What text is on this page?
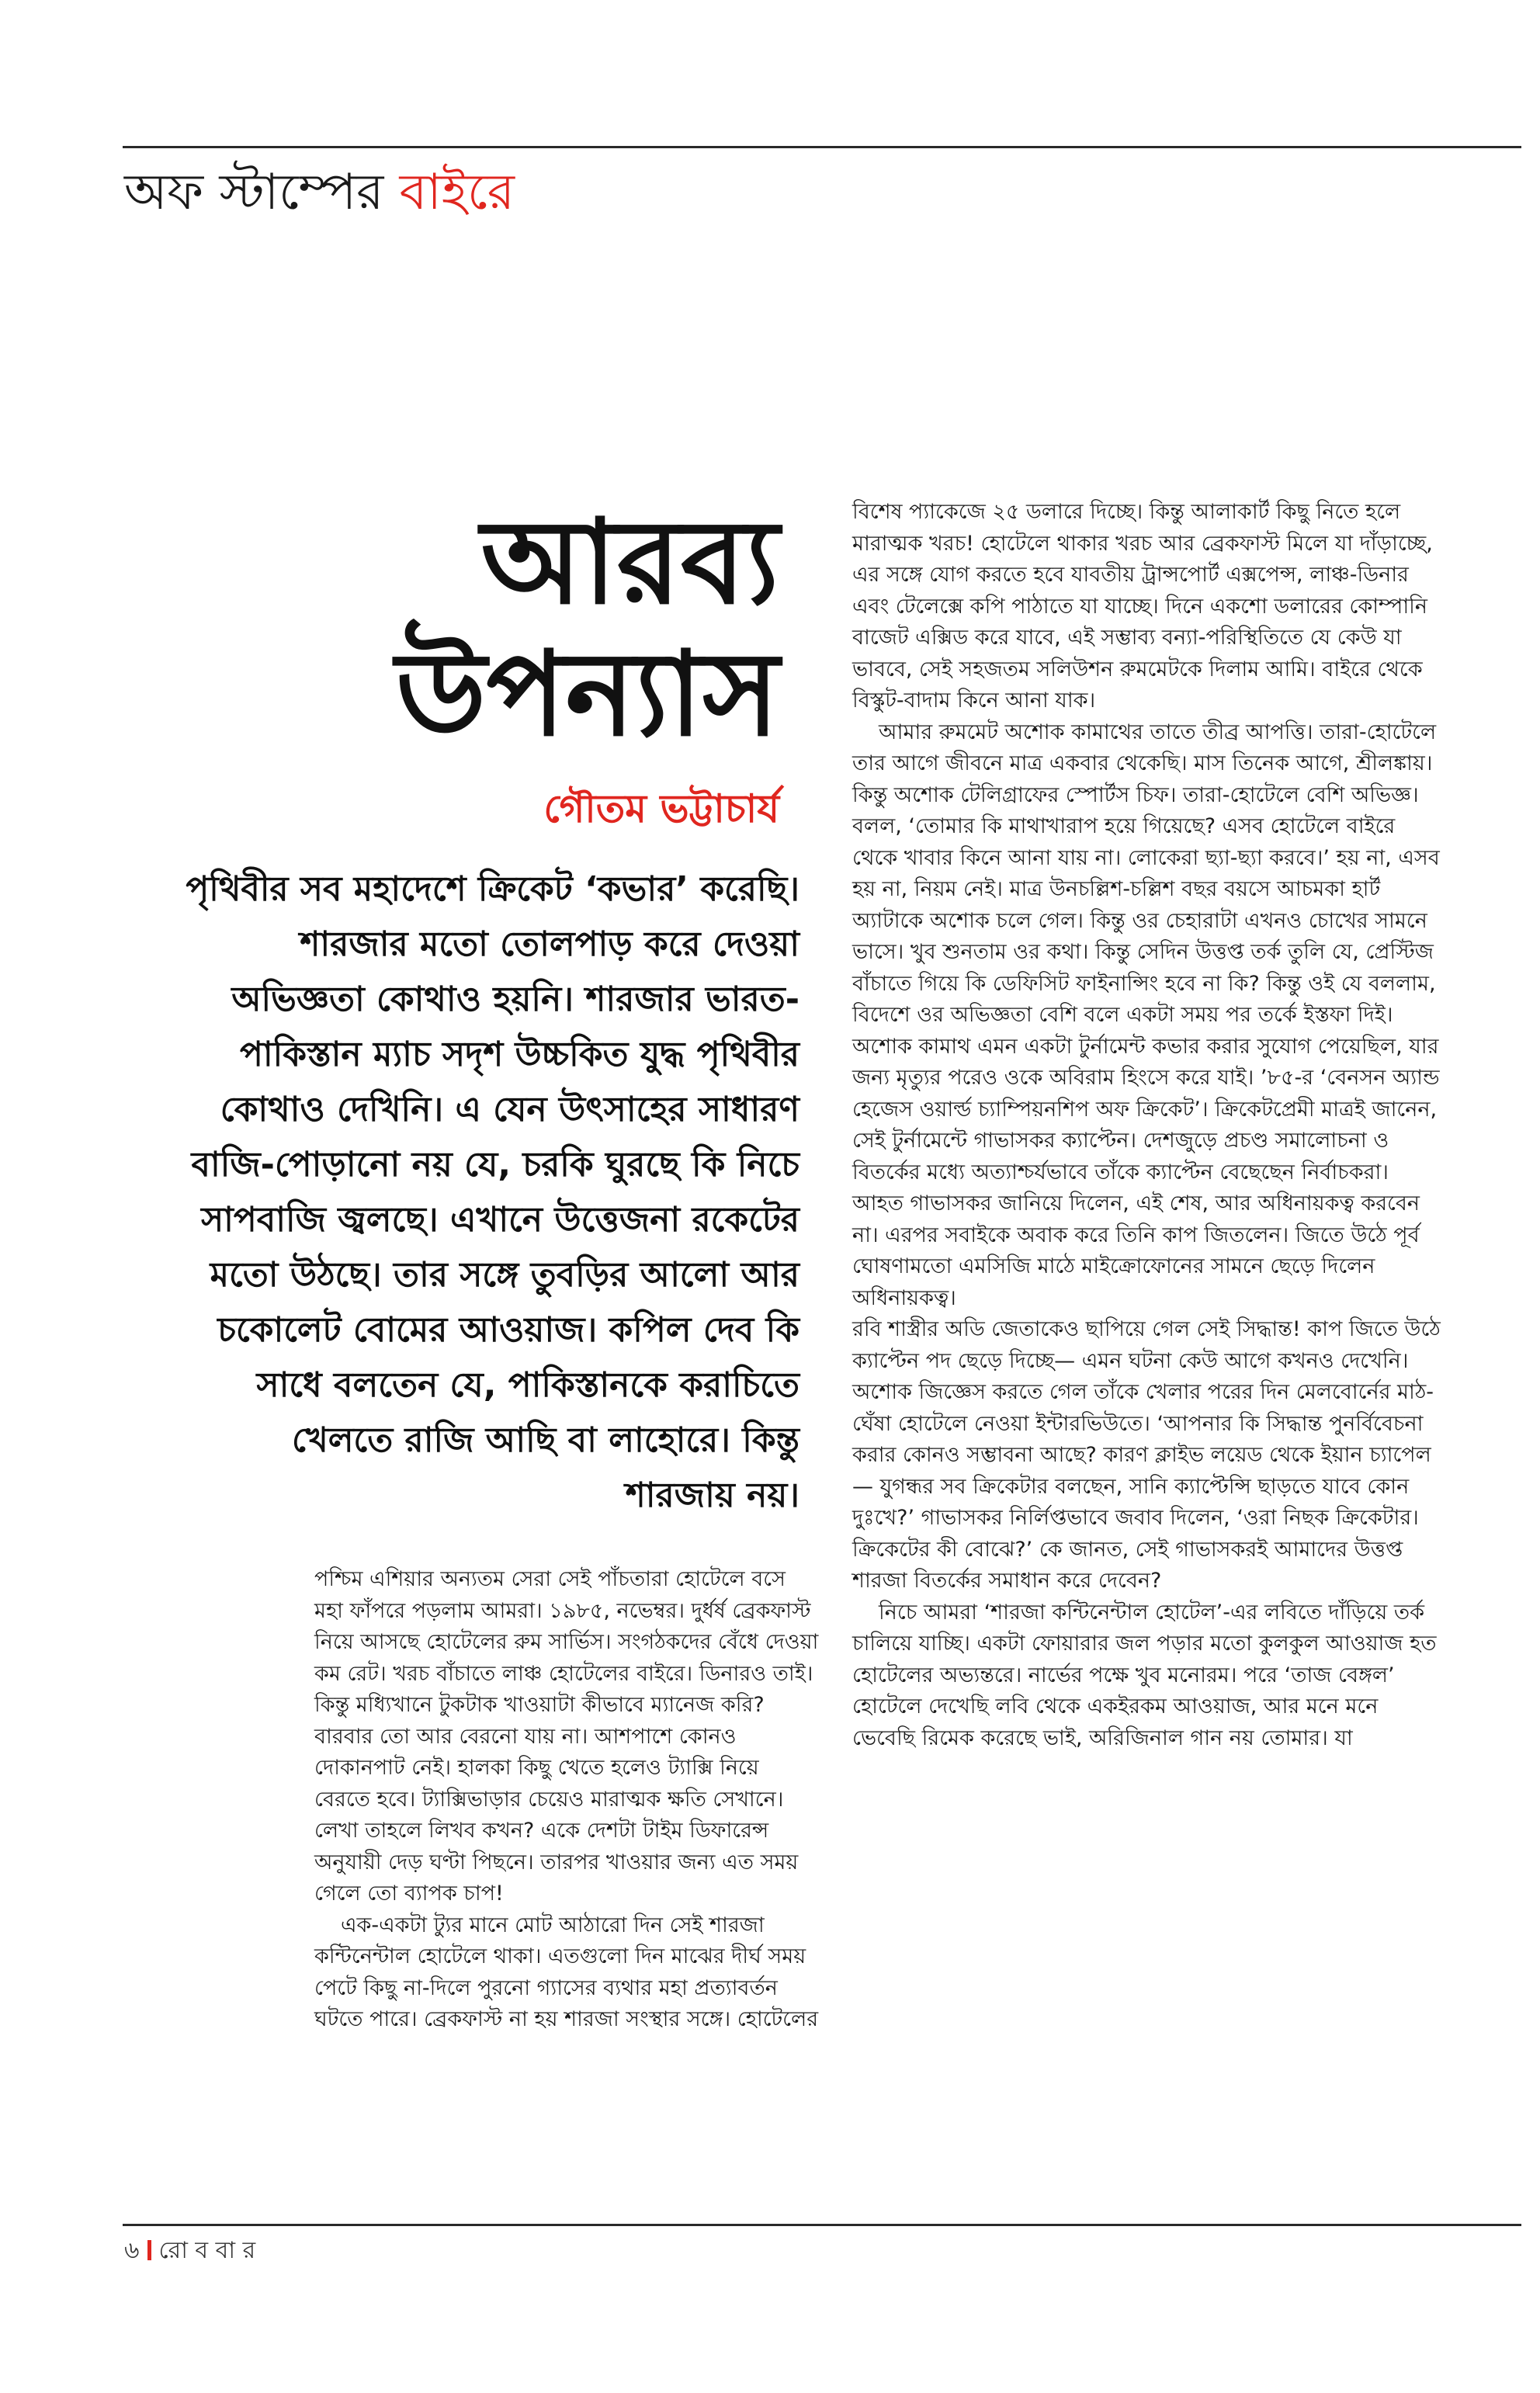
অফ স্টাম্পের বাইরে
আরব্য
উপন্যাস
গৌতম ভট্টাচার্য
পৃথিবীর সব মহাদেশে ক্রিকেট ‘কভার’ করেছি। শারজার মতো তোলপাড় করে দেওয়া অভিজ্ঞতা কোথাও হয়নি। শারজার ভারত-পাকিস্তান ম্যাচ সদৃশ উচ্চকিত যুদ্ধ পৃথিবীর কোথাও দেখিনি। এ যেন উৎসাহের সাধারণ বাজি-পোড়ানো নয় যে, চরকি ঘুরছে কি নিচে সাপবাজি জ্বলছে। এখানে উত্তেজনা রকেটের মতো উঠছে। তার সঙ্গে তুবড়ির আলো আর চকোলেট বোমের আওয়াজ। কপিল দেব কি সাধে বলতেন যে, পাকিস্তানকে করাচিতে খেলতে রাজি আছি বা লাহোরে। কিন্তু শারজায় নয়।

পশ্চিম এশিয়ার অন্যতম সেরা সেই পাঁচতারা হোটেলে বসে মহা ফাঁপরে পড়লাম আমরা। ১৯৮৫, নভেম্বর। দুর্ধর্ষ ব্রেকফাস্ট নিয়ে আসছে হোটেলের রুম সার্ভিস। সংগঠকদের বেঁধে দেওয়া কম রেট। খরচ বাঁচাতে লাঞ্চ হোটেলের বাইরে। ডিনারও তাই। কিন্তু মধ্যিখানে টুকটাক খাওয়াটা কীভাবে ম্যানেজ করি? বারবার তো আর বেরনো যায় না। আশপাশে কোনও দোকানপাট নেই। হালকা কিছু খেতে হলেও ট্যাক্সি নিয়ে বেরতে হবে। ট্যাক্সিভাড়ার চেয়েও মারাত্মক ক্ষতি সেখানে। লেখা তাহলে লিখব কখন? একে দেশটা টাইম ডিফারেন্স অনুযায়ী দেড় ঘণ্টা পিছনে। তারপর খাওয়ার জন্য এত সময় গেলে তো ব্যাপক চাপ!

এক-একটা ট্যুর মানে মোট আঠারো দিন সেই শারজা কন্টিনেন্টাল হোটেলে থাকা। এতগুলো দিন মাঝের দীর্ঘ সময় পেটে কিছু না-দিলে পুরনো গ্যাসের ব্যথার মহা প্রত্যাবর্তন ঘটতে পারে। ব্রেকফাস্ট না হয় শারজা সংস্থার সঙ্গে। হোটেলের

বিশেষ প্যাকেজে ২৫ ডলারে দিচ্ছে। কিন্তু আলাকার্ট কিছু নিতে হলে মারাত্মক খরচ! হোটেলে থাকার খরচ আর ব্রেকফাস্ট মিলে যা দাঁড়াচ্ছে, এর সঙ্গে যোগ করতে হবে যাবতীয় ট্রান্সপোর্ট এক্সপেন্স, লাঞ্চ-ডিনার এবং টেলেক্সে কপি পাঠাতে যা যাচ্ছে। দিনে একশো ডলারের কোম্পানি বাজেট এক্সিড করে যাবে, এই সম্ভাব্য বন্যা-পরিস্থিতিতে যে কেউ যা ভাববে, সেই সহজতম সলিউশন রুমমেটকে দিলাম আমি। বাইরে থেকে বিস্কুট-বাদাম কিনে আনা যাক।

আমার রুমমেট অশোক কামাথের তাতে তীব্র আপত্তি। তারা-হোটেলে তার আগে জীবনে মাত্র একবার থেকেছি। মাস তিনেক আগে, শ্রীলঙ্কায়। কিন্তু অশোক টেলিগ্রাফের স্পোর্টস চিফ। তারা-হোটেলে বেশি অভিজ্ঞ। বলল, ‘তোমার কি মাথাখারাপ হয়ে গিয়েছে? এসব হোটেলে বাইরে থেকে খাবার কিনে আনা যায় না। লোকেরা ছ্যা-ছ্যা করবে।’ হয় না, এসব হয় না, নিয়ম নেই। মাত্র উনচল্লিশ-চল্লিশ বছর বয়সে আচমকা হার্ট অ্যাটাকে অশোক চলে গেল। কিন্তু ওর চেহারাটা এখনও চোখের সামনে ভাসে। খুব শুনতাম ওর কথা। কিন্তু সেদিন উত্তপ্ত তর্ক তুলি যে, প্রেস্টিজ বাঁচাতে গিয়ে কি ডেফিসিট ফাইনান্সিং হবে না কি? কিন্তু ওই যে বললাম, বিদেশে ওর অভিজ্ঞতা বেশি বলে একটা সময় পর তর্কে ইস্তফা দিই। অশোক কামাথ এমন একটা টুর্নামেন্ট কভার করার সুযোগ পেয়েছিল, যার জন্য মৃত্যুর পরেও ওকে অবিরাম হিংসে করে যাই। ’৮৫-র ‘বেনসন অ্যান্ড হেজেস ওয়ার্ল্ড চ্যাম্পিয়নশিপ অফ ক্রিকেট’। ক্রিকেটপ্রেমী মাত্রই জানেন, সেই টুর্নামেন্টে গাভাসকর ক্যাপ্টেন। দেশজুড়ে প্রচণ্ড সমালোচনা ও বিতর্কের মধ্যে অত্যাশ্চর্যভাবে তাঁকে ক্যাপ্টেন বেছেছেন নির্বাচকরা। আহত গাভাসকর জানিয়ে দিলেন, এই শেষ, আর অধিনায়কত্ব করবেন না। এরপর সবাইকে অবাক করে তিনি কাপ জিতলেন। জিতে উঠে পূর্ব ঘোষণামতো এমসিজি মাঠে মাইক্রোফোনের সামনে ছেড়ে দিলেন অধিনায়কত্ব।

রবি শাস্ত্রীর অডি জেতাকেও ছাপিয়ে গেল সেই সিদ্ধান্ত! কাপ জিতে উঠে ক্যাপ্টেন পদ ছেড়ে দিচ্ছে— এমন ঘটনা কেউ আগে কখনও দেখেনি। অশোক জিজ্ঞেস করতে গেল তাঁকে খেলার পরের দিন মেলবোর্নের মাঠ-ঘেঁষা হোটেলে নেওয়া ইন্টারভিউতে। ‘আপনার কি সিদ্ধান্ত পুনর্বিবেচনা করার কোনও সম্ভাবনা আছে? কারণ ক্লাইভ লয়েড থেকে ইয়ান চ্যাপেল— যুগন্ধর সব ক্রিকেটার বলছেন, সানি ক্যাপ্টেন্সি ছাড়তে যাবে কোন দুঃখে?’ গাভাসকর নির্লিপ্তভাবে জবাব দিলেন, ‘ওরা নিছক ক্রিকেটার। ক্রিকেটের কী বোঝে?’ কে জানত, সেই গাভাসকরই আমাদের উত্তপ্ত শারজা বিতর্কের সমাধান করে দেবেন?

নিচে আমরা ‘শারজা কন্টিনেন্টাল হোটেল’-এর লবিতে দাঁড়িয়ে তর্ক চালিয়ে যাচ্ছি। একটা ফোয়ারার জল পড়ার মতো কুলকুল আওয়াজ হত হোটেলের অভ্যন্তরে। নার্ভের পক্ষে খুব মনোরম। পরে ‘তাজ বেঙ্গল’ হোটেলে দেখেছি লবি থেকে একইরকম আওয়াজ, আর মনে মনে ভেবেছি রিমেক করেছে ভাই, অরিজিনাল গান নয় তোমার। যা

৬ রো ব বা র
